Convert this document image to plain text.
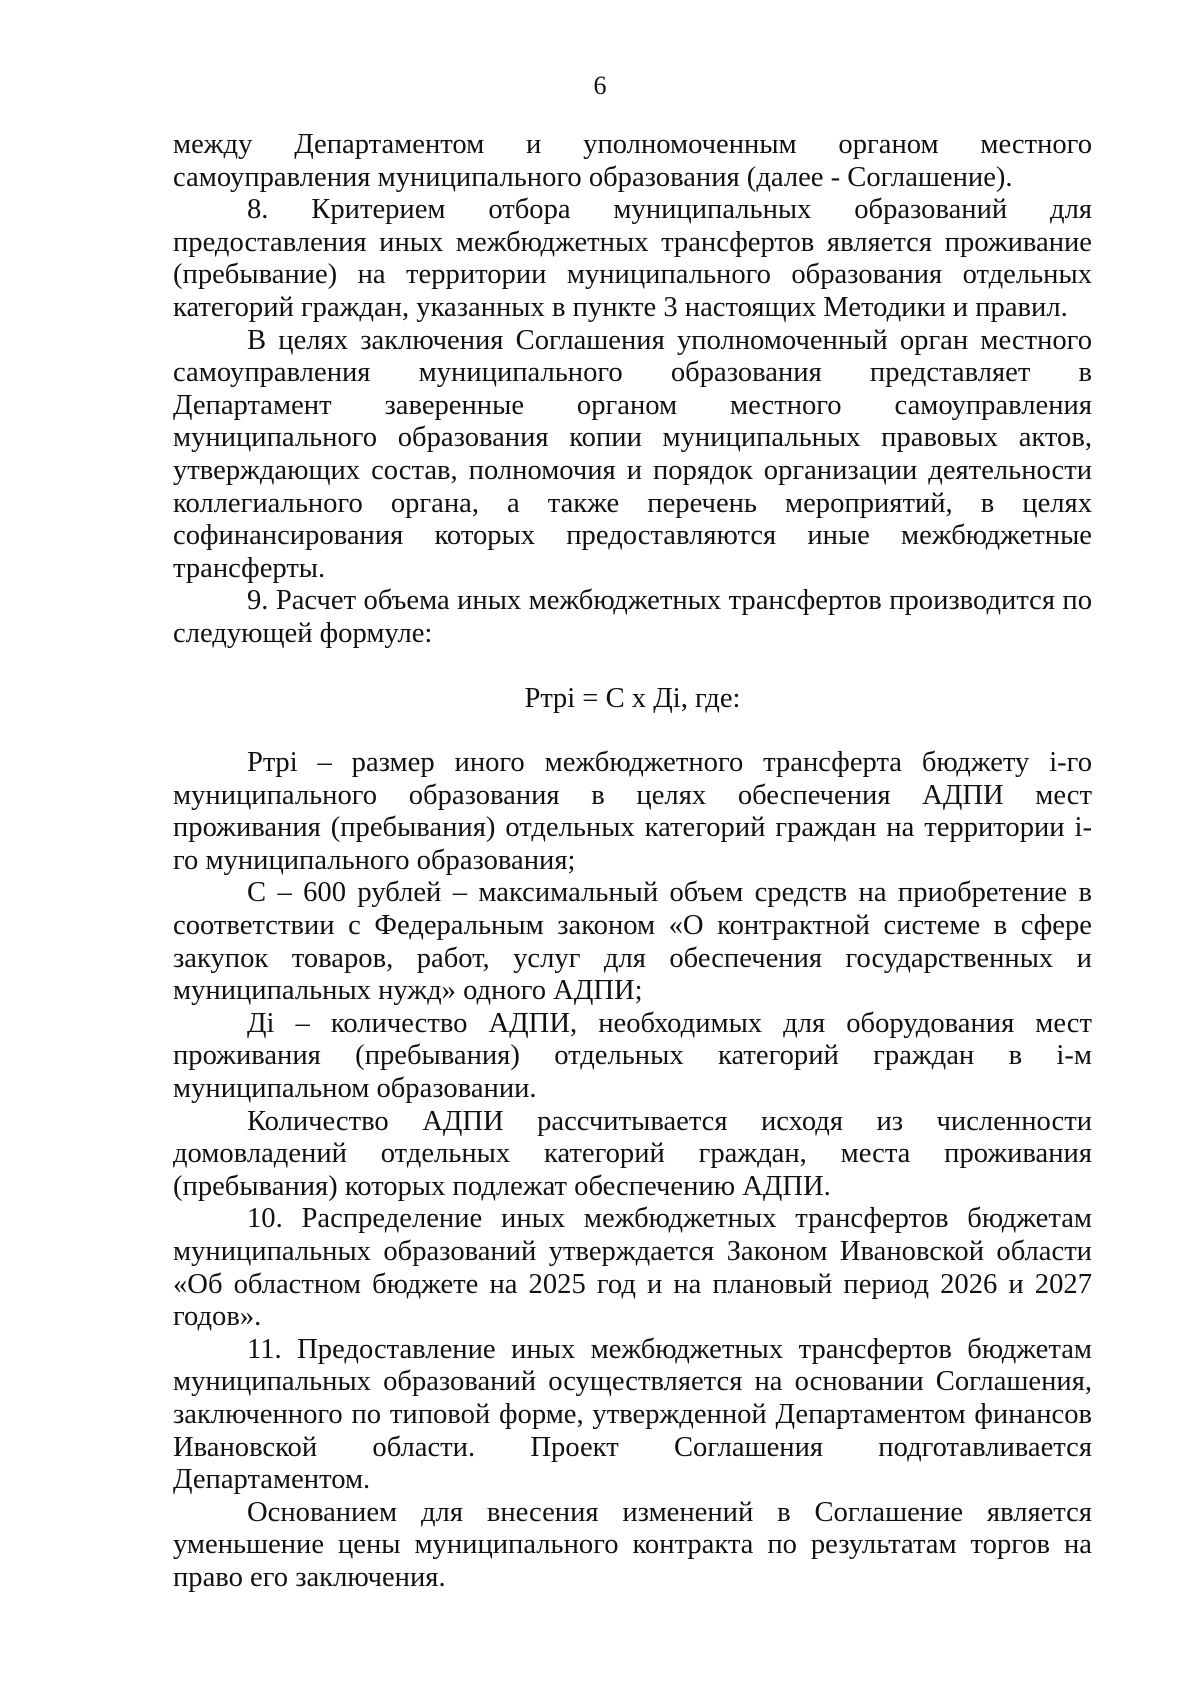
6

между Департаментом и уполномоченным органом местного самоуправления муниципального образования (далее - Соглашение).

8. Критерием отбора муниципальных образований для предоставления иных межбюджетных трансфертов является проживание (пребывание) на территории муниципального образования отдельных категорий граждан, указанных в пункте 3 настоящих Методики и правил.

В целях заключения Соглашения уполномоченный орган местного самоуправления муниципального образования представляет в Департамент заверенные органом местного самоуправления муниципального образования копии муниципальных правовых актов, утверждающих состав, полномочия и порядок организации деятельности коллегиального органа, а также перечень мероприятий, в целях софинансирования которых предоставляются иные межбюджетные трансферты.

9. Расчет объема иных межбюджетных трансфертов производится по следующей формуле:

Pтpi = C x Дi, где:

Pтpi – размер иного межбюджетного трансферта бюджету i-го муниципального образования в целях обеспечения АДПИ мест проживания (пребывания) отдельных категорий граждан на территории i-го муниципального образования;

С – 600 рублей – максимальный объем средств на приобретение в соответствии с Федеральным законом «О контрактной системе в сфере закупок товаров, работ, услуг для обеспечения государственных и муниципальных нужд» одного АДПИ;

Дi – количество АДПИ, необходимых для оборудования мест проживания (пребывания) отдельных категорий граждан в i-м муниципальном образовании.

Количество АДПИ рассчитывается исходя из численности домовладений отдельных категорий граждан, места проживания (пребывания) которых подлежат обеспечению АДПИ.

10. Распределение иных межбюджетных трансфертов бюджетам муниципальных образований утверждается Законом Ивановской области «Об областном бюджете на 2025 год и на плановый период 2026 и 2027 годов».

11. Предоставление иных межбюджетных трансфертов бюджетам муниципальных образований осуществляется на основании Соглашения, заключенного по типовой форме, утвержденной Департаментом финансов Ивановской области. Проект Соглашения подготавливается Департаментом.

Основанием для внесения изменений в Соглашение является уменьшение цены муниципального контракта по результатам торгов на право его заключения.
